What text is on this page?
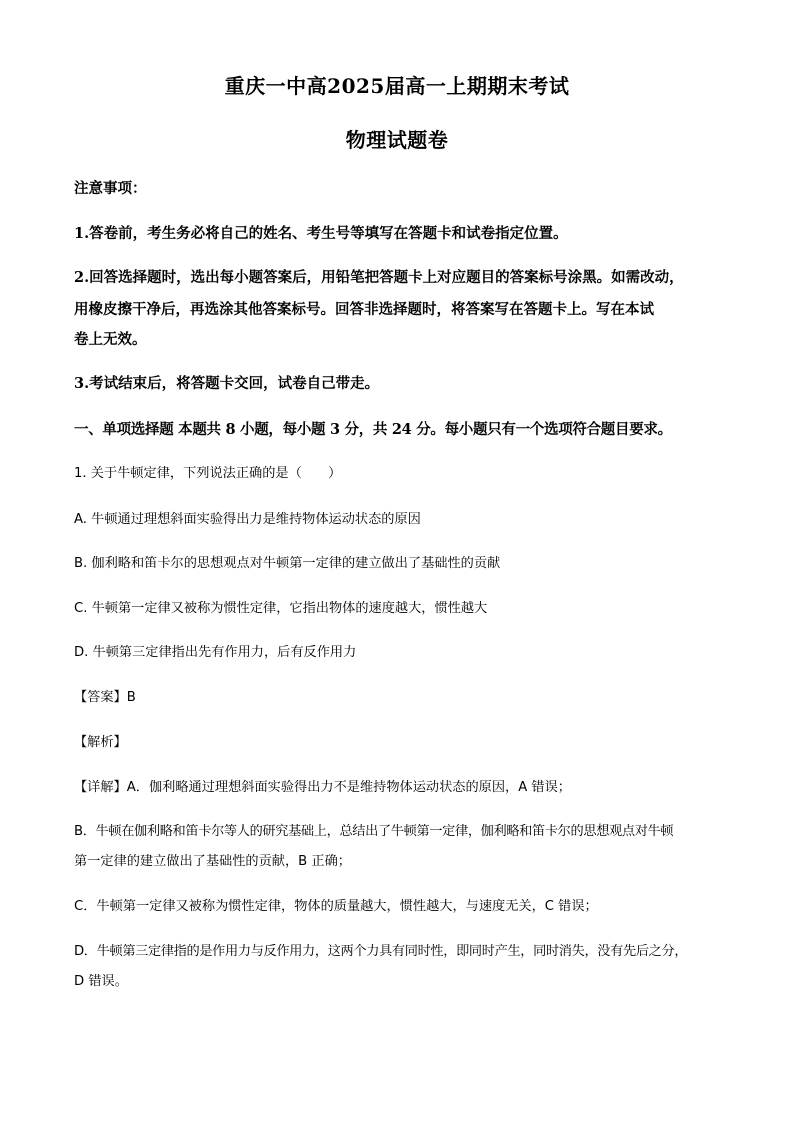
重庆一中高2025届高一上期期末考试
物理试题卷
注意事项：
1.答卷前，考生务必将自己的姓名、考生号等填写在答题卡和试卷指定位置。
2.回答选择题时，选出每小题答案后，用铅笔把答题卡上对应题目的答案标号涂黑。如需改动，
用橡皮擦干净后，再选涂其他答案标号。回答非选择题时，将答案写在答题卡上。写在本试
卷上无效。
3.考试结束后，将答题卡交回，试卷自己带走。
一、单项选择题 本题共 8 小题，每小题 3 分，共 24 分。每小题只有一个选项符合题目要求。
1. 关于牛顿定律，下列说法正确的是（　　）
A. 牛顿通过理想斜面实验得出力是维持物体运动状态的原因
B. 伽利略和笛卡尔的思想观点对牛顿第一定律的建立做出了基础性的贡献
C. 牛顿第一定律又被称为惯性定律，它指出物体的速度越大，惯性越大
D. 牛顿第三定律指出先有作用力，后有反作用力
【答案】B
【解析】
【详解】A．伽利略通过理想斜面实验得出力不是维持物体运动状态的原因，A 错误；
B．牛顿在伽利略和笛卡尔等人的研究基础上，总结出了牛顿第一定律，伽利略和笛卡尔的思想观点对牛顿
第一定律的建立做出了基础性的贡献，B 正确；
C．牛顿第一定律又被称为惯性定律，物体的质量越大，惯性越大，与速度无关，C 错误；
D．牛顿第三定律指的是作用力与反作用力，这两个力具有同时性，即同时产生，同时消失，没有先后之分，
D 错误。
